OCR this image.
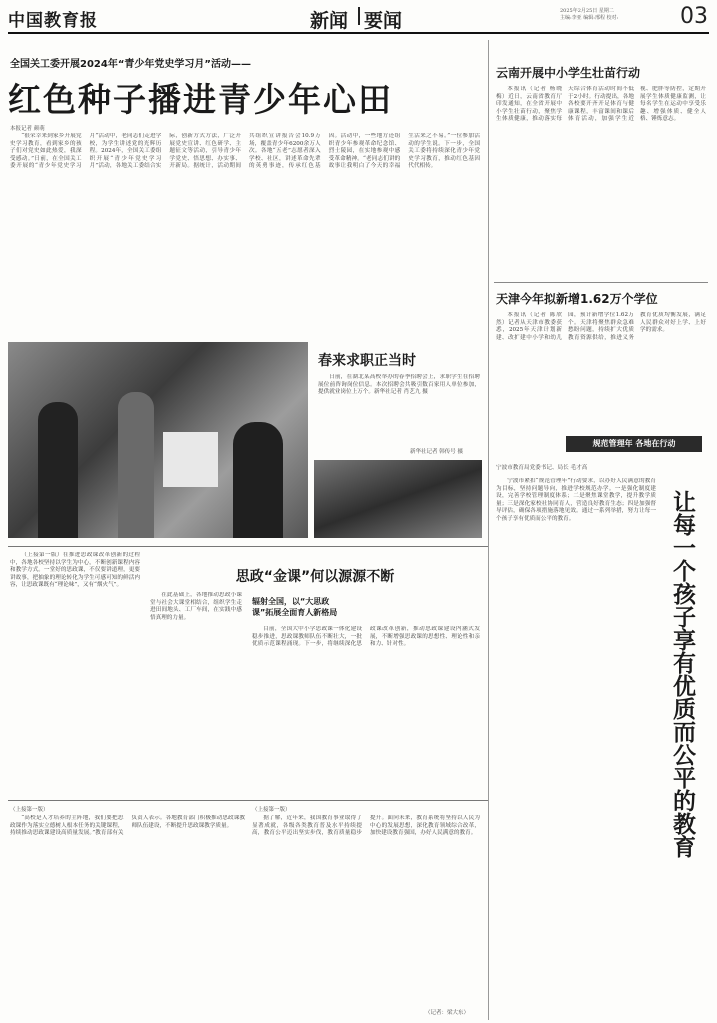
中国教育报	新闻 要闻	2025年2月25日 星期二
主编:李亚 编辑:邢程 校对:	03
全国关工委开展2024年“青少年党史学习月”活动——
红色种子播进青少年心田
本报记者 颜萌

“很荣幸来到家乡开展党史学习教育，看到家乡的孩子们对党史如此热爱，我深受感动。”日前，在全国关工委开展的“青少年党史学习月”活动中，老同志们走进学校，为学生讲述党的光辉历程。2024年，全国关工委组织开展“青少年党史学习月”活动，各地关工委结合实际，创新方式方法，广泛开展党史宣讲、红色研学、主题征文等活动，引导青少年学党史、悟思想、办实事、开新局。据统计，活动期间共组织宣讲报告会10.9万场，覆盖青少年6200余万人次。各地“五老”志愿者深入学校、社区，讲述革命先辈的英勇事迹，传承红色基因。活动中，一些地方还组织青少年参观革命纪念馆、烈士陵园，在实地参观中感受革命精神。“老同志们讲的故事让我明白了今天的幸福生活来之不易。”一位参加活动的学生说。下一步，全国关工委将持续深化青少年党史学习教育，推动红色基因代代相传。

云南开展中小学生壮苗行动

本报讯（记者 杨晓梅）近日，云南省教育厅印发通知，在全省开展中小学生壮苗行动，聚焦学生体质健康，推动落实每天综合体育活动时间不低于2小时。行动提出，各地各校要开齐开足体育与健康课程，丰富课间和课后体育活动，加强学生近视、肥胖等防控，定期开展学生体质健康监测，让每名学生在运动中享受乐趣、增强体质、健全人格、锤炼意志。

天津今年拟新增1.62万个学位

本报讯（记者 陈欣然）记者从天津市教委获悉，2025年天津计划新建、改扩建中小学和幼儿园，预计新增学位1.62万个。天津将聚焦群众急难愁盼问题，持续扩大优质教育资源供给，推进义务教育优质均衡发展，满足人民群众对好上学、上好学的需求。

春来求职正当时

日前，在湖北某高校举办的春季招聘会上，求职学生在招聘展位前咨询岗位信息。本次招聘会共吸引数百家用人单位参加，提供就业岗位上万个。新华社记者 肖艺九 摄

新华社记者 韩传号 摄
规范管理年 各地在行动
宁波市教育局党委书记、局长 毛才高

宁波市紧扣“规范管理年”行动要求，以办好人民满意的教育为目标，坚持问题导向，推进学校规范办学。一是强化制度建设，完善学校管理制度体系；二是聚焦课堂教学，提升教学质量；三是深化家校社协同育人，营造良好教育生态；四是加强督导评估，确保各项措施落地见效。通过一系列举措，努力让每一个孩子享有优质而公平的教育。	让每一个孩子享有优质而公平的教育

（上接第一版）在推进思政课改革创新的过程中，各地各校坚持以学生为中心，不断创新课程内容和教学方式。一堂好的思政课，不仅要讲道理，更要讲故事，把抽象的理论转化为学生可感可知的鲜活内容，让思政课既有“理论味”，又有“烟火气”。

思政“金课”何以源源不断

在此基础上，各地推动思政小课堂与社会大课堂相结合，组织学生走进田间地头、工厂车间，在实践中感悟真理的力量。

辐射全国，以“大思政课”拓展全面育人新格局

目前，全国大中小学思政课一体化建设稳步推进，思政课教师队伍不断壮大，一批优质示范课程涌现。下一步，将继续深化思政课改革创新，推动思政课建设内涵式发展，不断增强思政课的思想性、理论性和亲和力、针对性。

（上接第一版）

“高校是人才培养的主阵地，我们要把思政课作为落实立德树人根本任务的关键课程，持续推动思政课建设高质量发展。”教育部有关负责人表示。各地教育部门积极推动思政课教师队伍建设，不断提升思政课教学质量。

（上接第一版）

据了解，近年来，我国教育事业取得了显著成就，各级各类教育普及水平持续提高，教育公平迈出坚实步伐，教育质量稳步提升。面向未来，教育系统将坚持以人民为中心的发展思想，深化教育领域综合改革，加快建设教育强国，办好人民满意的教育。

（记者：梁大东）
